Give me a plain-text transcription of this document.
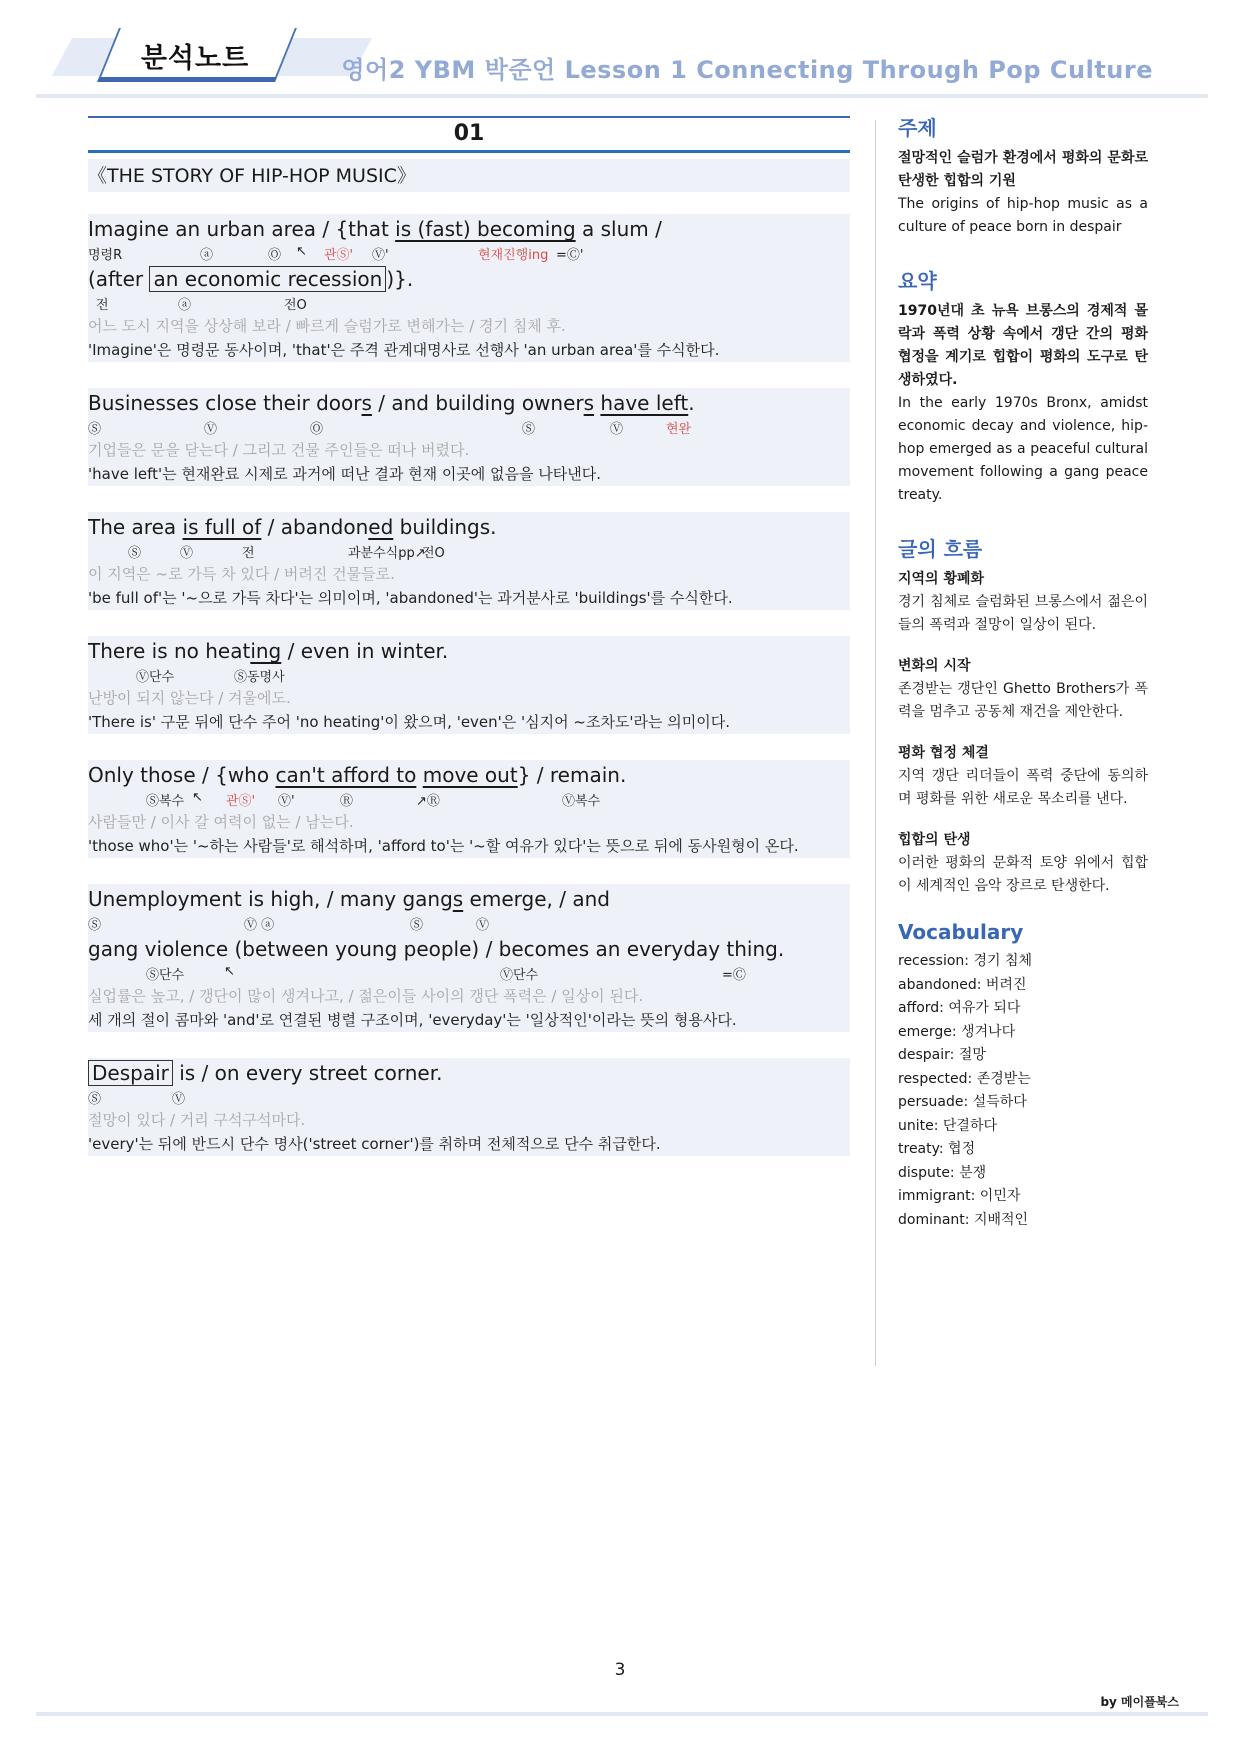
분석노트	영어2 YBM 박준언 Lesson 1 Connecting Through Pop Culture
01
《THE STORY OF HIP-HOP MUSIC》
Imagine an urban area / {that is (fast) becoming a slum /
명령R	ⓐ	Ⓞ ↖ 관Ⓢ' Ⓥ'	현재진행ing =Ⓒ'
(after an economic recession )}.
전	ⓐ	전O
어느 도시 지역을 상상해 보라 / 빠르게 슬럼가로 변해가는 / 경기 침체 후.
'Imagine'은 명령문 동사이며, 'that'은 주격 관계대명사로 선행사 'an urban area'를 수식한다.
Businesses close their doors / and building owners have left.
Ⓢ	Ⓥ	Ⓞ	Ⓢ	Ⓥ	현완
기업들은 문을 닫는다 / 그리고 건물 주인들은 떠나 버렸다.
'have left'는 현재완료 시제로 과거에 떠난 결과 현재 이곳에 없음을 나타낸다.
The area is full of / abandoned buildings.
Ⓢ	Ⓥ	전	과분수식pp↗
전O
이 지역은 ~로 가득 차 있다 / 버려진 건물들로.
'be full of'는 '~으로 가득 차다'는 의미이며, 'abandoned'는 과거분사로 'buildings'를 수식한다.
There is no heating / even in winter.
Ⓥ단수	Ⓢ동명사
난방이 되지 않는다 / 겨울에도.
'There is' 구문 뒤에 단수 주어 'no heating'이 왔으며, 'even'은 '심지어 ~조차도'라는 의미이다.
Only those / {who can't afford to move out} / remain.
Ⓢ복수 ↖ 관Ⓢ' Ⓥ'	Ⓡ	↗Ⓡ	Ⓥ복수
사람들만 / 이사 갈 여력이 없는 / 남는다.
'those who'는 '~하는 사람들'로 해석하며, 'afford to'는 '~할 여유가 있다'는 뜻으로 뒤에 동사원형이 온다.
Unemployment is high, / many gangs emerge, / and
Ⓢ	Ⓥ ⓐ	Ⓢ	Ⓥ
gang violence (between young people) / becomes an everyday thing.
Ⓢ단수	↖	Ⓥ단수	=Ⓒ
실업률은 높고, / 갱단이 많이 생겨나고, / 젊은이들 사이의 갱단 폭력은 / 일상이 된다.
세 개의 절이 콤마와 'and'로 연결된 병렬 구조이며, 'everyday'는 '일상적인'이라는 뜻의 형용사다.
Despair is / on every street corner.
Ⓢ	Ⓥ
절망이 있다 / 거리 구석구석마다.
'every'는 뒤에 반드시 단수 명사('street corner')를 취하며 전체적으로 단수 취급한다.
주제
절망적인 슬럼가 환경에서 평화의 문화로 탄생한 힙합의 기원
The origins of hip-hop music as a culture of peace born in despair
요약
1970년대 초 뉴욕 브롱스의 경제적 몰락과 폭력 상황 속에서 갱단 간의 평화 협정을 계기로 힙합이 평화의 도구로 탄생하였다.
In the early 1970s Bronx, amidst economic decay and violence, hip-hop emerged as a peaceful cultural movement following a gang peace treaty.
글의 흐름
지역의 황폐화
경기 침체로 슬럼화된 브롱스에서 젊은이들의 폭력과 절망이 일상이 된다.
변화의 시작
존경받는 갱단인 Ghetto Brothers가 폭력을 멈추고 공동체 재건을 제안한다.
평화 협정 체결
지역 갱단 리더들이 폭력 중단에 동의하며 평화를 위한 새로운 목소리를 낸다.
힙합의 탄생
이러한 평화의 문화적 토양 위에서 힙합이 세계적인 음악 장르로 탄생한다.
Vocabulary
recession: 경기 침체
abandoned: 버려진
afford: 여유가 되다
emerge: 생겨나다
despair: 절망
respected: 존경받는
persuade: 설득하다
unite: 단결하다
treaty: 협정
dispute: 분쟁
immigrant: 이민자
dominant: 지배적인
3
by 메이플북스
